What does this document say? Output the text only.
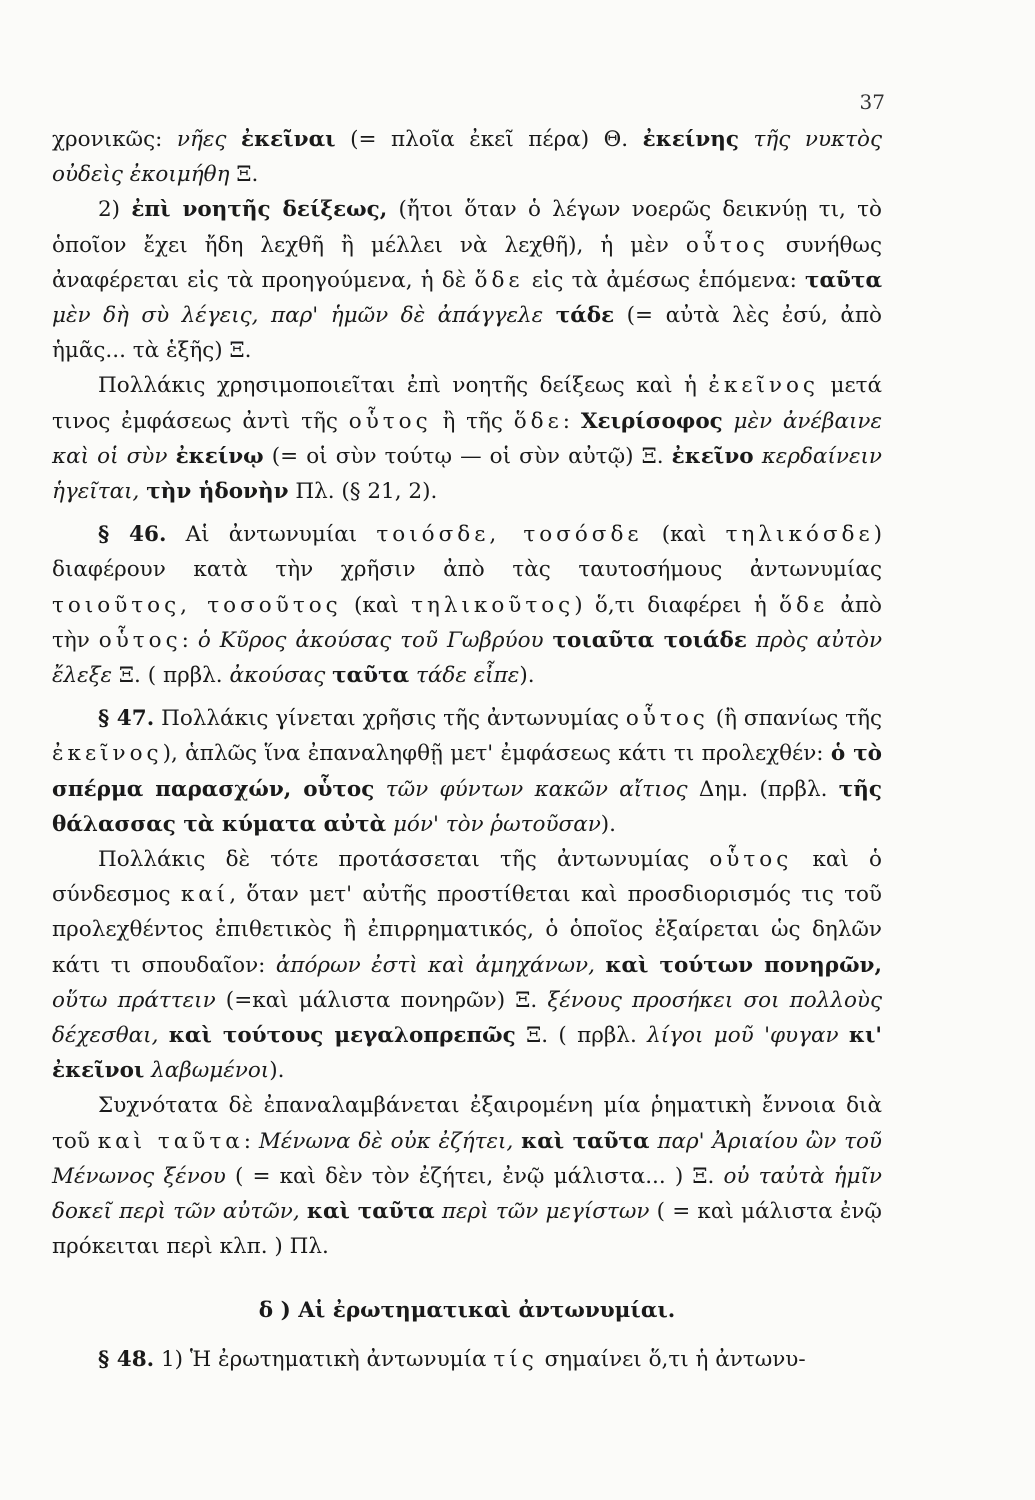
37

χρονικῶς: νῆες ἐκεῖναι (= πλοῖα ἐκεῖ πέρα) Θ. ἐκείνης τῆς νυκτὸς οὐδεὶς ἐκοιμήθη Ξ.

2) ἐπὶ νοητῆς δείξεως, (ἤτοι ὅταν ὁ λέγων νοερῶς δεικνύῃ τι, τὸ ὁποῖον ἔχει ἤδη λεχθῆ ἢ μέλλει νὰ λεχθῆ), ἡ μὲν οὗτος συνήθως ἀναφέρεται εἰς τὰ προηγούμενα, ἡ δὲ ὅδε εἰς τὰ ἀμέσως ἑπόμενα: ταῦτα μὲν δὴ σὺ λέγεις, παρ' ἡμῶν δὲ ἀπάγγελε τάδε (= αὐτὰ λὲς ἐσύ, ἀπὸ ἡμᾶς... τὰ ἑξῆς) Ξ.

Πολλάκις χρησιμοποιεῖται ἐπὶ νοητῆς δείξεως καὶ ἡ ἐκεῖνος μετά τινος ἐμφάσεως ἀντὶ τῆς οὗτος ἢ τῆς ὅδε: Χειρίσοφος μὲν ἀνέβαινε καὶ οἱ σὺν ἐκείνῳ (= οἱ σὺν τούτῳ — οἱ σὺν αὐτῷ) Ξ. ἐκεῖνο κερδαίνειν ἡγεῖται, τὴν ἡδονὴν Πλ. (§ 21, 2).

§ 46. Αἱ ἀντωνυμίαι τοιόσδε, τοσόσδε (καὶ τηλικόσδε) διαφέρουν κατὰ τὴν χρῆσιν ἀπὸ τὰς ταυτοσήμους ἀντωνυμίας τοιοῦτος, τοσοῦτος (καὶ τηλικοῦτος) ὅ,τι διαφέρει ἡ ὅδε ἀπὸ τὴν οὗτος: ὁ Κῦρος ἀκούσας τοῦ Γωβρύου τοιαῦτα τοιάδε πρὸς αὐτὸν ἔλεξε Ξ. ( πρβλ. ἀκούσας ταῦτα τάδε εἶπε).

§ 47. Πολλάκις γίνεται χρῆσις τῆς ἀντωνυμίας οὗτος (ἢ σπανίως τῆς ἐκεῖνος), ἁπλῶς ἵνα ἐπαναληφθῇ μετ' ἐμφάσεως κάτι τι προλεχθέν: ὁ τὸ σπέρμα παρασχών, οὗτος τῶν φύντων κακῶν αἴτιος Δημ. (πρβλ. τῆς θάλασσας τὰ κύματα αὐτὰ μόν' τὸν ῥωτοῦσαν).

Πολλάκις δὲ τότε προτάσσεται τῆς ἀντωνυμίας οὗτος καὶ ὁ σύνδεσμος καί, ὅταν μετ' αὐτῆς προστίθεται καὶ προσδιορισμός τις τοῦ προλεχθέντος ἐπιθετικὸς ἢ ἐπιρρηματικός, ὁ ὁποῖος ἐξαίρεται ὡς δηλῶν κάτι τι σπουδαῖον: ἀπόρων ἐστὶ καὶ ἀμηχάνων, καὶ τούτων πονηρῶν, οὕτω πράττειν (=καὶ μάλιστα πονηρῶν) Ξ. ξένους προσήκει σοι πολλοὺς δέχεσθαι, καὶ τούτους μεγαλοπρεπῶς Ξ. ( πρβλ. λίγοι μοῦ 'φυγαν κι' ἐκεῖνοι λαβωμένοι).

Συχνότατα δὲ ἐπαναλαμβάνεται ἐξαιρομένη μία ῥηματικὴ ἔννοια διὰ τοῦ καὶ ταῦτα: Μένωνα δὲ οὐκ ἐζήτει, καὶ ταῦτα παρ' Ἀριαίου ὢν τοῦ Μένωνος ξένου ( = καὶ δὲν τὸν ἐζήτει, ἐνῷ μάλιστα... ) Ξ. οὐ ταὐτὰ ἡμῖν δοκεῖ περὶ τῶν αὐτῶν, καὶ ταῦτα περὶ τῶν μεγίστων ( = καὶ μάλιστα ἐνῷ πρόκειται περὶ κλπ. ) Πλ.

δ ) Αἱ ἐρωτηματικαὶ ἀντωνυμίαι.

§ 48. 1) Ἡ ἐρωτηματικὴ ἀντωνυμία τίς σημαίνει ὅ,τι ἡ ἀντωνυ-
